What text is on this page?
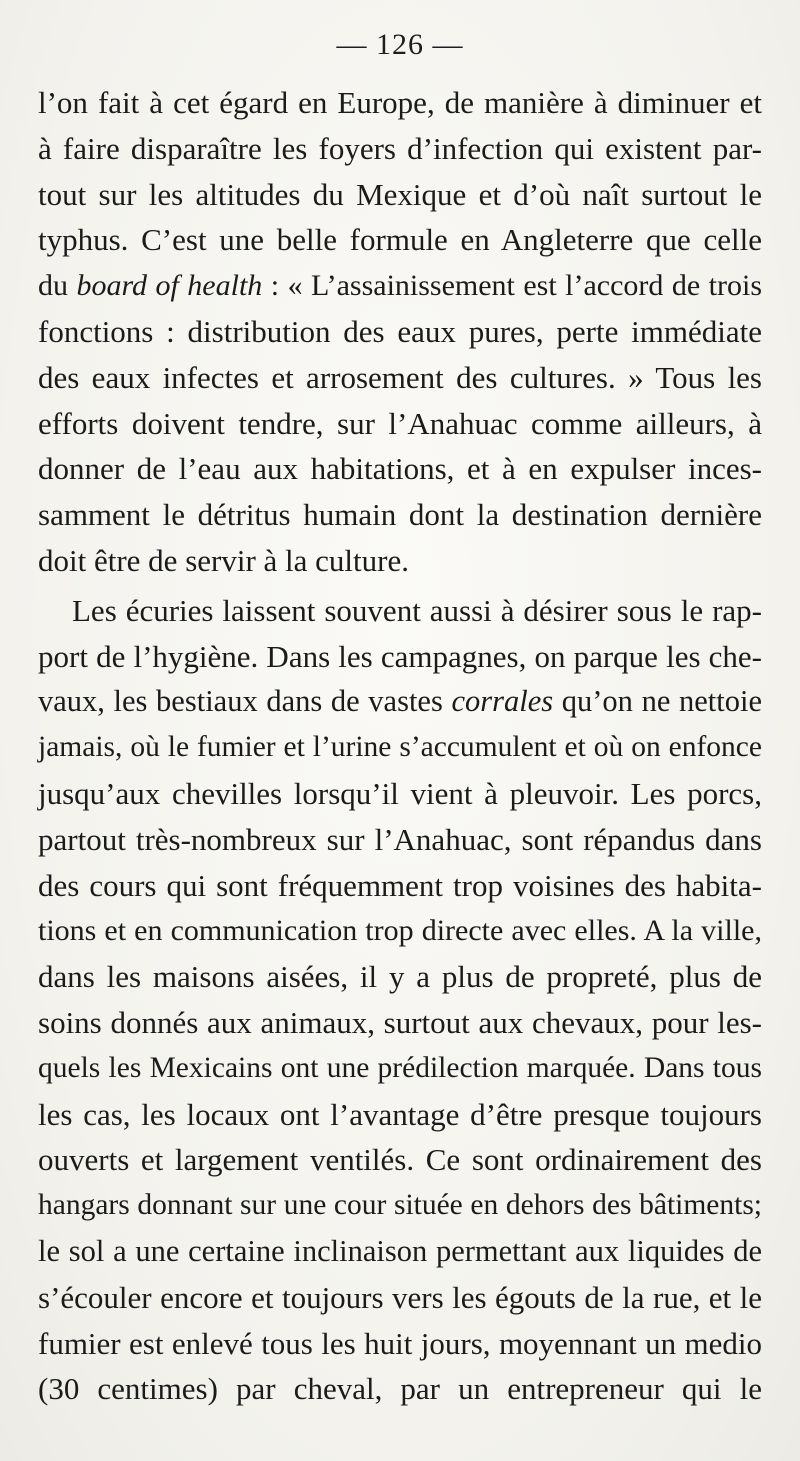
— 126 —
l’on fait à cet égard en Europe, de manière à diminuer et
à faire disparaître les foyers d’infection qui existent par-
tout sur les altitudes du Mexique et d’où naît surtout le
typhus. C’est une belle formule en Angleterre que celle
du board of health : « L’assainissement est l’accord de trois
fonctions : distribution des eaux pures, perte immédiate
des eaux infectes et arrosement des cultures. » Tous les
efforts doivent tendre, sur l’Anahuac comme ailleurs, à
donner de l’eau aux habitations, et à en expulser inces-
samment le détritus humain dont la destination dernière
doit être de servir à la culture.
Les écuries laissent souvent aussi à désirer sous le rap-
port de l’hygiène. Dans les campagnes, on parque les che-
vaux, les bestiaux dans de vastes corrales qu’on ne nettoie
jamais, où le fumier et l’urine s’accumulent et où on enfonce
jusqu’aux chevilles lorsqu’il vient à pleuvoir. Les porcs,
partout très-nombreux sur l’Anahuac, sont répandus dans
des cours qui sont fréquemment trop voisines des habita-
tions et en communication trop directe avec elles. A la ville,
dans les maisons aisées, il y a plus de propreté, plus de
soins donnés aux animaux, surtout aux chevaux, pour les-
quels les Mexicains ont une prédilection marquée. Dans tous
les cas, les locaux ont l’avantage d’être presque toujours
ouverts et largement ventilés. Ce sont ordinairement des
hangars donnant sur une cour située en dehors des bâtiments;
le sol a une certaine inclinaison permettant aux liquides de
s’écouler encore et toujours vers les égouts de la rue, et le
fumier est enlevé tous les huit jours, moyennant un medio
(30 centimes) par cheval, par un entrepreneur qui le
